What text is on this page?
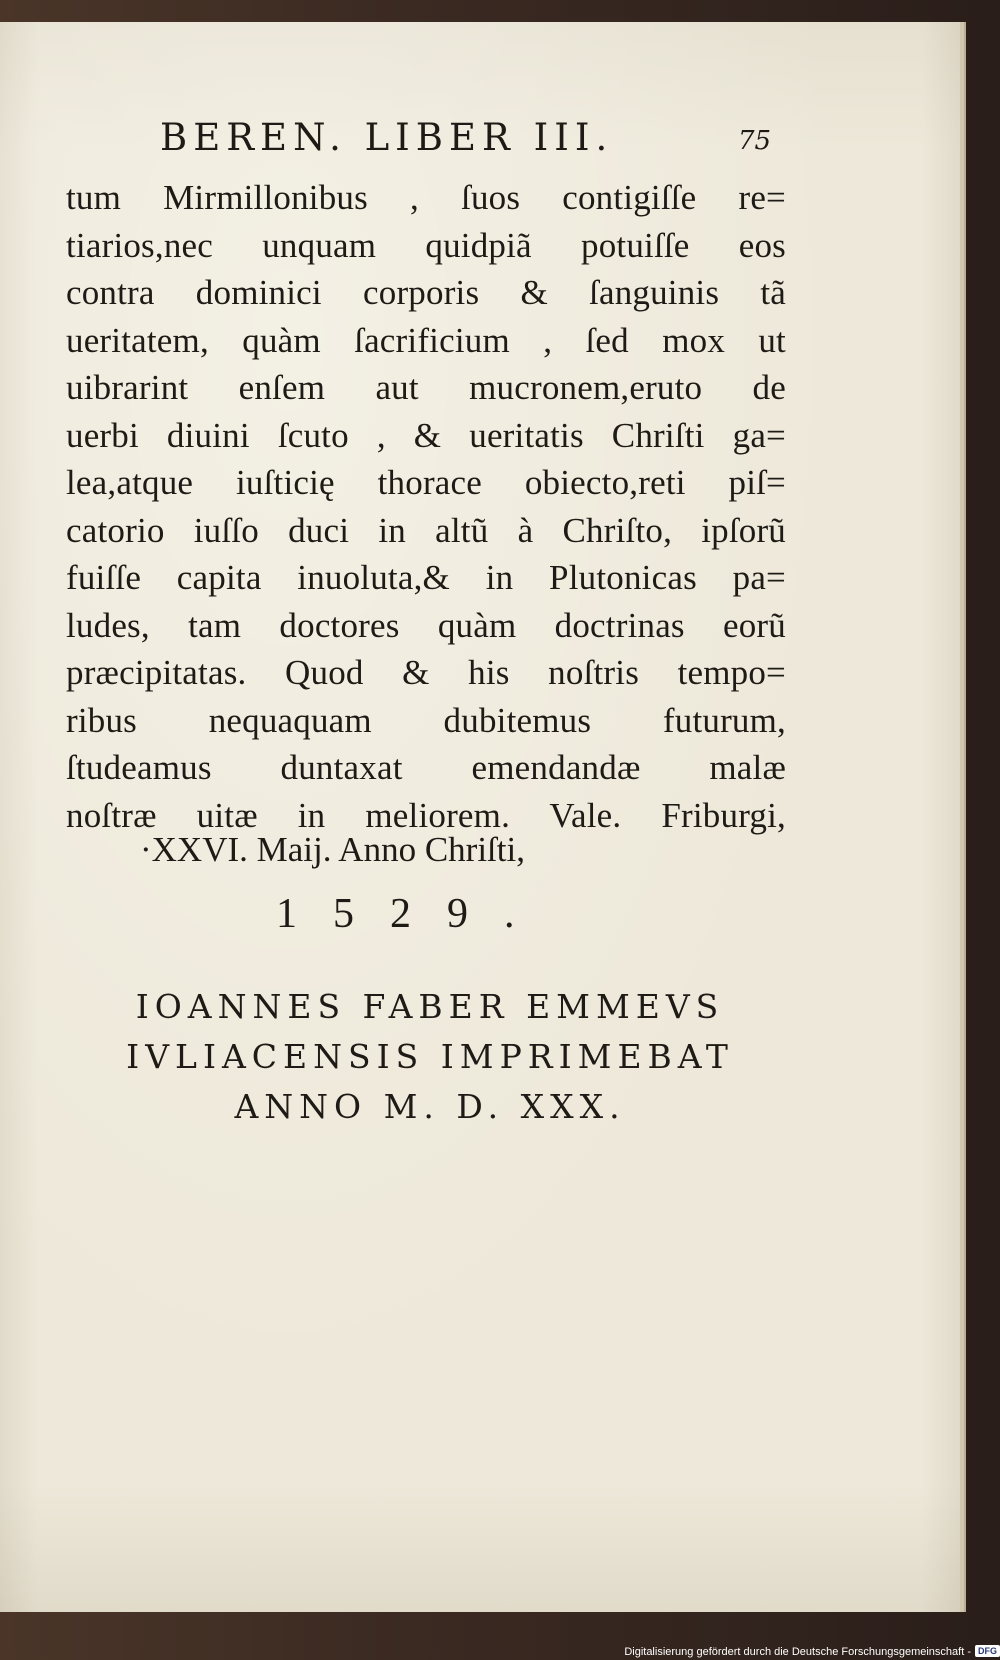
BEREN. LIBER III.	75
tum Mirmillonibus , ſuos contigiſſe re=
tiarios,nec unquam quidpiã potuiſſe eos
contra dominici corporis & ſanguinis tã
ueritatem, quàm ſacrificium , ſed mox ut
uibrarint enſem aut mucronem,eruto de
uerbi diuini ſcuto , & ueritatis Chriſti ga=
lea,atque iuſticię thorace obiecto,reti piſ=
catorio iuſſo duci in altũ à Chriſto, ipſorũ
fuiſſe capita inuoluta,& in Plutonicas pa=
ludes, tam doctores quàm doctrinas eorũ
præcipitatas. Quod & his noſtris tempo=
ribus nequaquam dubitemus futurum,
ſtudeamus duntaxat emendandæ malæ
noſtræ uitæ in meliorem. Vale. Friburgi,
·XXVI. Maij. Anno Chriſti,
1529.
IOANNES FABER EMMEVS
IVLIACENSIS IMPRIMEBAT
ANNO M. D. XXX.
Digitalisierung gefördert durch die Deutsche Forschungsgemeinschaft - DFG
